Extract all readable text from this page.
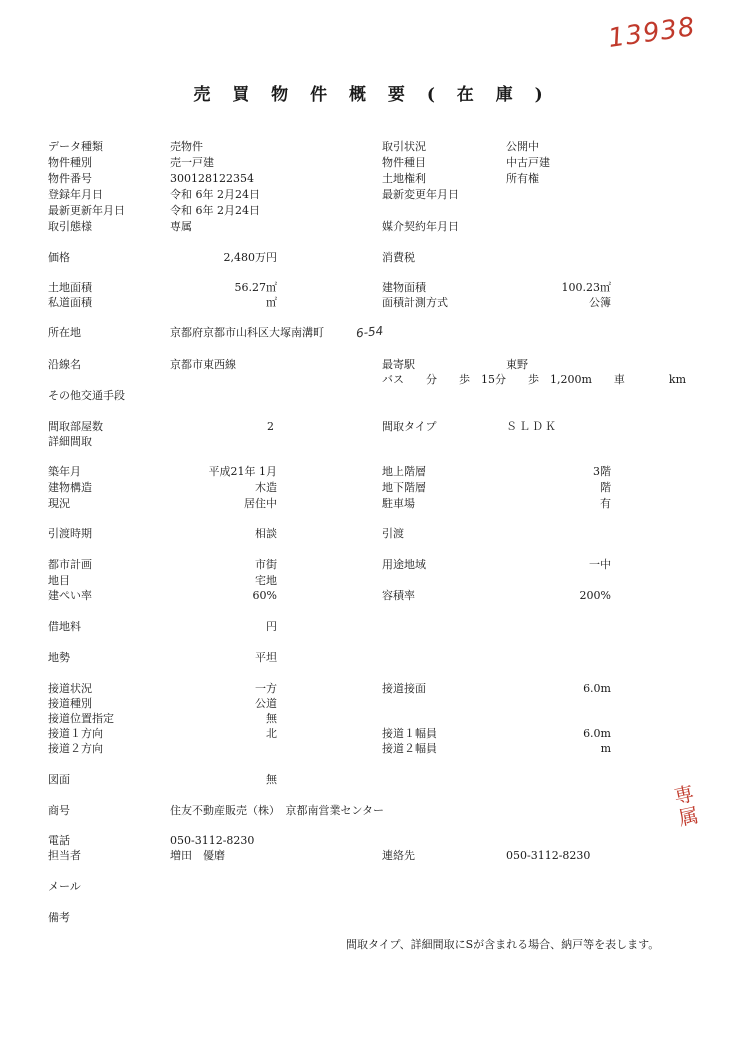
13938
売 買 物 件 概 要 ( 在 庫 )
データ種類
物件種別
物件番号
登録年月日
最新更新年月日
取引態様
価格
土地面積
私道面積
所在地
沿線名
その他交通手段
間取部屋数
詳細間取
築年月
建物構造
現況
引渡時期
都市計画
地目
建ぺい率
借地料
地勢
接道状況
接道種別
接道位置指定
接道１方向
接道２方向
図面
商号
電話
担当者
メール
備考
売物件
売一戸建
300128122354
令和 6年 2月24日
令和 6年 2月24日
専属
京都府京都市山科区大塚南溝町	6-54
京都市東西線
住友不動産販売（株）　京都南営業センター
050-3112-8230
増田　優磨
2,480万円
56.27㎡
㎡
2
平成21年 1月
木造
居住中
相談
市街
宅地
60%
円
平坦
一方
公道
無
北
無
取引状況
物件種目
土地権利
最新変更年月日
媒介契約年月日
消費税
建物面積
面積計測方式
最寄駅
バス　　分　　歩　15分　　歩　1,200m　　車　　　　km
間取タイプ
地上階層
地下階層
駐車場
引渡
用途地域
容積率
接道接面
接道１幅員
接道２幅員
連絡先
公開中
中古戸建
所有権
東野
ＳＬＤＫ
050-3112-8230
100.23㎡
公簿
3階
階
有
一中
200%
6.0m
6.0m
m
専属
間取タイプ、詳細間取にSが含まれる場合、納戸等を表します。
